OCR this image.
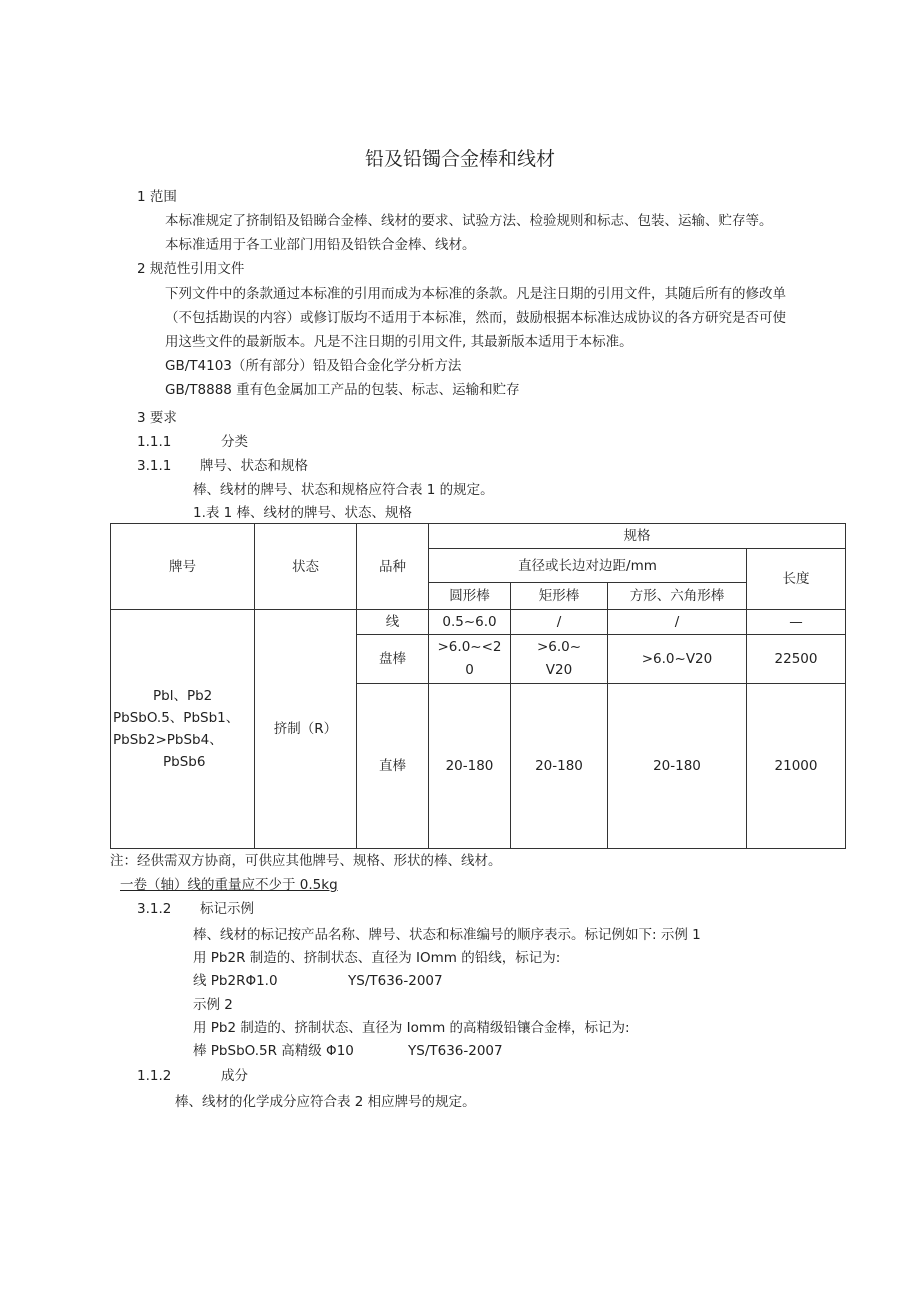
铅及铅镯合金棒和线材
1 范围
本标准规定了挤制铅及铅睇合金棒、线材的要求、试验方法、检验规则和标志、包装、运输、贮存等。
本标准适用于各工业部门用铅及铅铁合金棒、线材。
2 规范性引用文件
下列文件中的条款通过本标准的引用而成为本标准的条款。凡是注日期的引用文件，其随后所有的修改单
（不包括勘误的内容）或修订版均不适用于本标准，然而，鼓励根据本标准达成协议的各方研究是否可使
用这些文件的最新版本。凡是不注日期的引用文件, 其最新版本适用于本标准。
GB/T4103（所有部分）铅及铅合金化学分析方法
GB/T8888 重有色金属加工产品的包装、标志、运输和贮存
3 要求
1.1.1	分类
3.1.1 牌号、状态和规格
棒、线材的牌号、状态和规格应符合表 1 的规定。
1.表 1 棒、线材的牌号、状态、规格
牌号	状态	品种	规格			
			直径或长边对边距/mm			长度
			圆形棒	矩形棒	方形、六角形棒	

Pbl、Pb2
PbSbO.5、PbSb1、
PbSb2>PbSb4、
PbSb6	挤制（R）	线	0.5~6.0	/	/	—
		盘棒	>6.0~<20	>6.0~V20	>6.0~V20	22500
		直棒	20-180	20-180	20-180	21000
注：经供需双方协商，可供应其他牌号、规格、形状的棒、线材。
一卷（轴）线的重量应不少于 0.5kg
3.1.2 标记示例
棒、线材的标记按产品名称、牌号、状态和标准编号的顺序表示。标记例如下: 示例 1
用 Pb2R 制造的、挤制状态、直径为 IOmm 的铅线，标记为:
线 Pb2RΦ1.0	YS/T636-2007
示例 2
用 Pb2 制造的、挤制状态、直径为 Iomm 的高精级铅镶合金棒，标记为:
棒 PbSbO.5R 高精级 Φ10	YS/T636-2007
1.1.2	成分
棒、线材的化学成分应符合表 2 相应牌号的规定。
